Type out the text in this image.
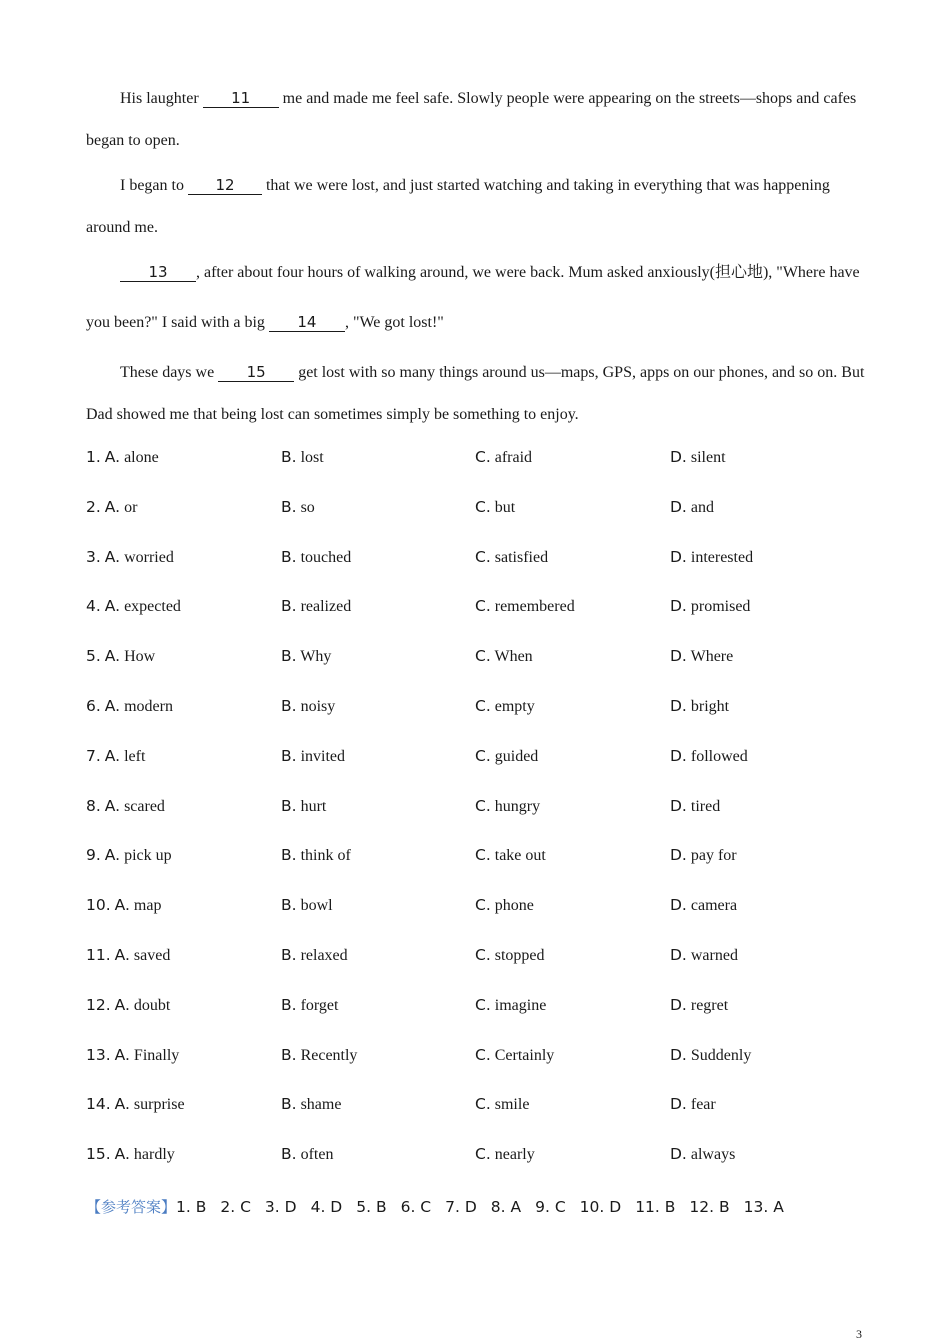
His laughter 11 me and made me feel safe. Slowly people were appearing on the streets—shops and cafes began to open.

I began to 12 that we were lost, and just started watching and taking in everything that was happening around me.

13 , after about four hours of walking around, we were back. Mum asked anxiously(担心地), "Where have you been?" I said with a big 14 , "We got lost!"

These days we 15 get lost with so many things around us—maps, GPS, apps on our phones, and so on. But Dad showed me that being lost can sometimes simply be something to enjoy.

1. A. alone	B. lost	C. afraid	D. silent
2. A. or	B. so	C. but	D. and
3. A. worried	B. touched	C. satisfied	D. interested
4. A. expected	B. realized	C. remembered	D. promised
5. A. How	B. Why	C. When	D. Where
6. A. modern	B. noisy	C. empty	D. bright
7. A. left	B. invited	C. guided	D. followed
8. A. scared	B. hurt	C. hungry	D. tired
9. A. pick up	B. think of	C. take out	D. pay for
10. A. map	B. bowl	C. phone	D. camera
11. A. saved	B. relaxed	C. stopped	D. warned
12. A. doubt	B. forget	C. imagine	D. regret
13. A. Finally	B. Recently	C. Certainly	D. Suddenly
14. A. surprise	B. shame	C. smile	D. fear
15. A. hardly	B. often	C. nearly	D. always
【参考答案】1. B 2. C 3. D 4. D 5. B 6. C 7. D 8. A 9. C 10. D 11. B 12. B 13. A
3
